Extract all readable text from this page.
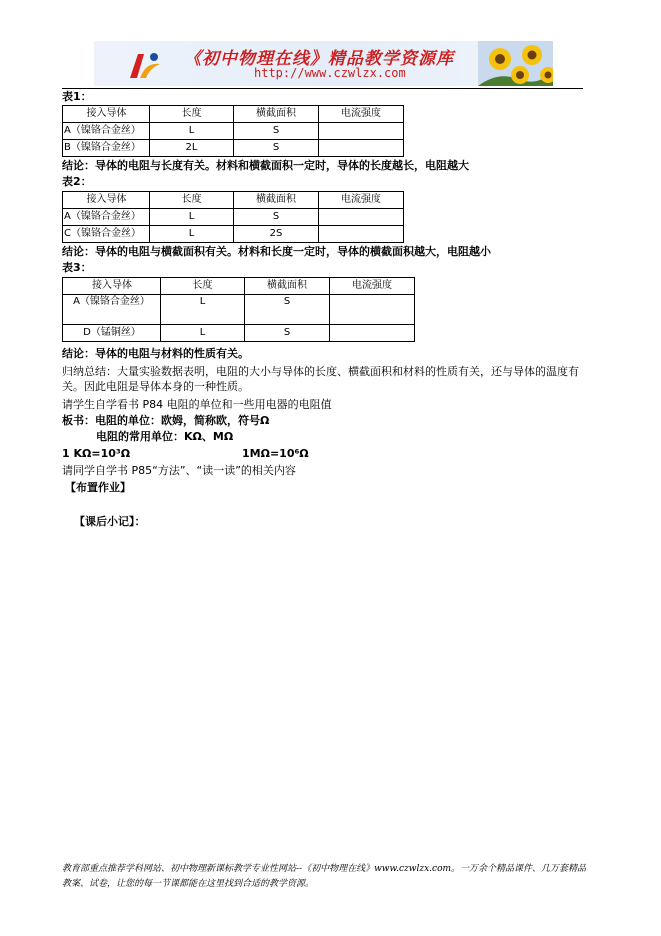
《初中物理在线》精品教学资源库
http://www.czwlzx.com
表1：
接入导体	长度	横截面积	电流强度
A（镍铬合金丝）	L	S	
B（镍铬合金丝）	2L	S	
结论：导体的电阻与长度有关。材料和横截面积一定时，导体的长度越长，电阻越大
表2：
接入导体	长度	横截面积	电流强度
A（镍铬合金丝）	L	S	
C（镍铬合金丝）	L	2S	
结论：导体的电阻与横截面积有关。材料和长度一定时，导体的横截面积越大，电阻越小
表3：
接入导体	长度	横截面积	电流强度
A（镍铬合金丝）	L	S	
D（锰铜丝）	L	S	
结论：导体的电阻与材料的性质有关。
归纳总结：大量实验数据表明，电阻的大小与导体的长度、横截面积和材料的性质有关，还与导体的温度有关。因此电阻是导体本身的一种性质。
请学生自学看书 P84 电阻的单位和一些用电器的电阻值
板书：电阻的单位：欧姆，简称欧，符号Ω
电阻的常用单位：KΩ、MΩ
1 KΩ=10³Ω	1MΩ=10⁶Ω
请同学自学书 P85“方法”、“读一读”的相关内容
【布置作业】
【课后小记】：
教育部重点推荐学科网站、初中物理新课标教学专业性网站--《初中物理在线》www.czwlzx.com。一万余个精品课件、几万套精品教案、试卷，让您的每一节课都能在这里找到合适的教学资源。
